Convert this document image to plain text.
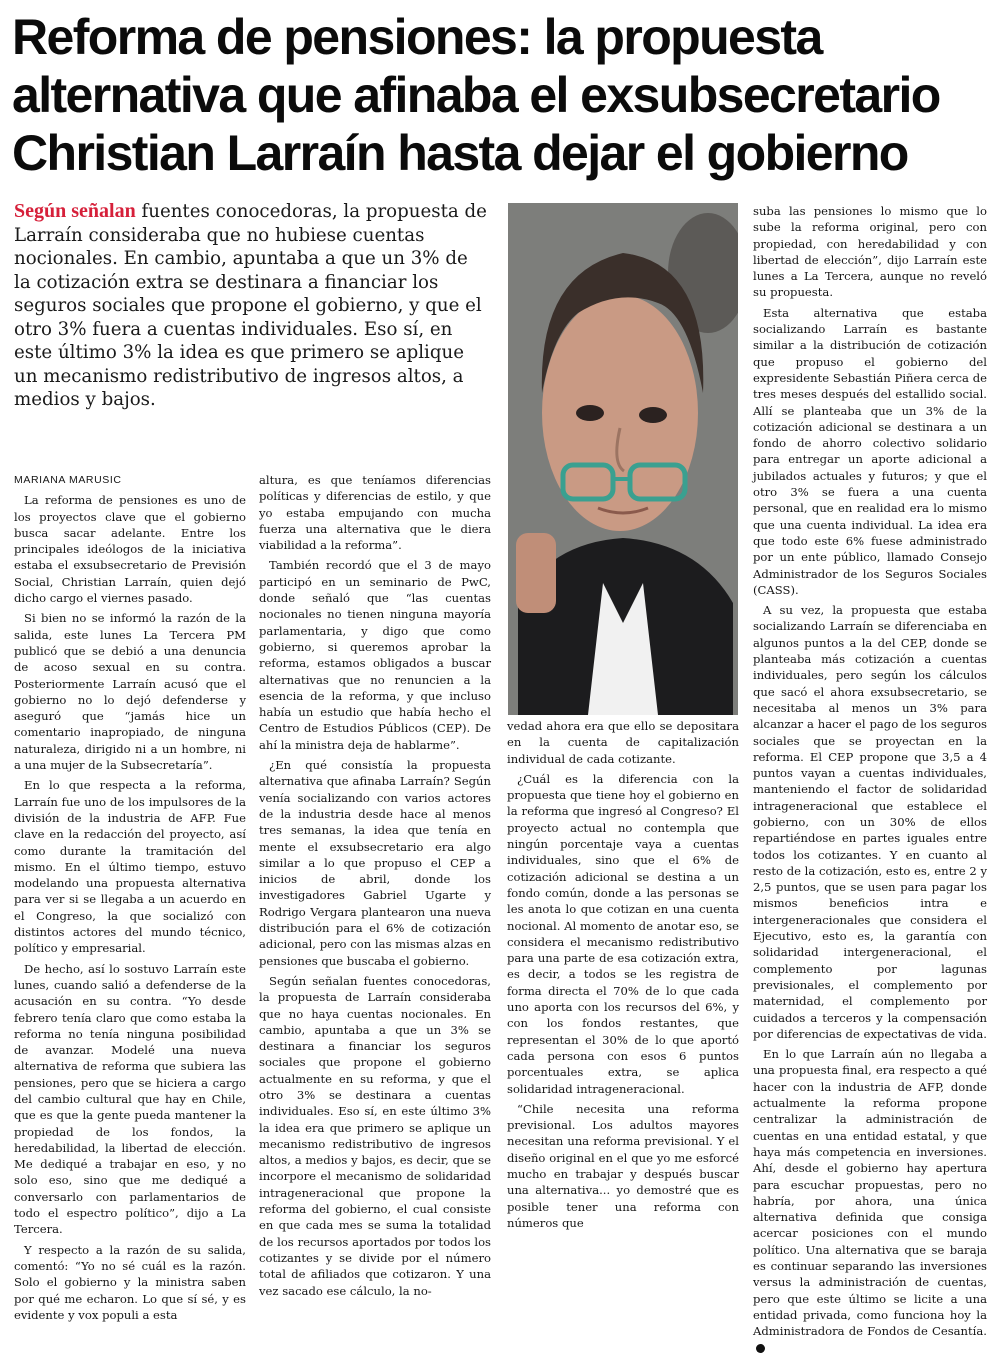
Reforma de pensiones: la propuesta alternativa que afinaba el exsubsecretario Christian Larraín hasta dejar el gobierno
Según señalan fuentes conocedoras, la propuesta de Larraín consideraba que no hubiese cuentas nocionales. En cambio, apuntaba a que un 3% de la cotización extra se destinara a financiar los seguros sociales que propone el gobierno, y que el otro 3% fuera a cuentas individuales. Eso sí, en este último 3% la idea es que primero se aplique un mecanismo redistributivo de ingresos altos, a medios y bajos.

MARIANA MARUSIC

La reforma de pensiones es uno de los proyectos clave que el gobierno busca sacar adelante. Entre los principales ideólogos de la iniciativa estaba el exsubsecretario de Previsión Social, Christian Larraín, quien dejó dicho cargo el viernes pasado.

Si bien no se informó la razón de la salida, este lunes La Tercera PM publicó que se debió a una denuncia de acoso sexual en su contra. Posteriormente Larraín acusó que el gobierno no lo dejó defenderse y aseguró que “jamás hice un comentario inapropiado, de ninguna naturaleza, dirigido ni a un hombre, ni a una mujer de la Subsecretaría”.

En lo que respecta a la reforma, Larraín fue uno de los impulsores de la división de la industria de AFP. Fue clave en la redacción del proyecto, así como durante la tramitación del mismo. En el último tiempo, estuvo modelando una propuesta alternativa para ver si se llegaba a un acuerdo en el Congreso, la que socializó con distintos actores del mundo técnico, político y empresarial.

De hecho, así lo sostuvo Larraín este lunes, cuando salió a defenderse de la acusación en su contra. “Yo desde febrero tenía claro que como estaba la reforma no tenía ninguna posibilidad de avanzar. Modelé una nueva alternativa de reforma que subiera las pensiones, pero que se hiciera a cargo del cambio cultural que hay en Chile, que es que la gente pueda mantener la propiedad de los fondos, la heredabilidad, la libertad de elección. Me dediqué a trabajar en eso, y no solo eso, sino que me dediqué a conversarlo con parlamentarios de todo el espectro político”, dijo a La Tercera.

Y respecto a la razón de su salida, comentó: “Yo no sé cuál es la razón. Solo el gobierno y la ministra saben por qué me echaron. Lo que sí sé, y es evidente y vox populi a esta

altura, es que teníamos diferencias políticas y diferencias de estilo, y que yo estaba empujando con mucha fuerza una alternativa que le diera viabilidad a la reforma”.

También recordó que el 3 de mayo participó en un seminario de PwC, donde señaló que “las cuentas nocionales no tienen ninguna mayoría parlamentaria, y digo que como gobierno, si queremos aprobar la reforma, estamos obligados a buscar alternativas que no renuncien a la esencia de la reforma, y que incluso había un estudio que había hecho el Centro de Estudios Públicos (CEP). De ahí la ministra deja de hablarme”.

¿En qué consistía la propuesta alternativa que afinaba Larraín? Según venía socializando con varios actores de la industria desde hace al menos tres semanas, la idea que tenía en mente el exsubsecretario era algo similar a lo que propuso el CEP a inicios de abril, donde los investigadores Gabriel Ugarte y Rodrigo Vergara plantearon una nueva distribución para el 6% de cotización adicional, pero con las mismas alzas en pensiones que buscaba el gobierno.

Según señalan fuentes conocedoras, la propuesta de Larraín consideraba que no haya cuentas nocionales. En cambio, apuntaba a que un 3% se destinara a financiar los seguros sociales que propone el gobierno actualmente en su reforma, y que el otro 3% se destinara a cuentas individuales. Eso sí, en este último 3% la idea era que primero se aplique un mecanismo redistributivo de ingresos altos, a medios y bajos, es decir, que se incorpore el mecanismo de solidaridad intrageneracional que propone la reforma del gobierno, el cual consiste en que cada mes se suma la totalidad de los recursos aportados por todos los cotizantes y se divide por el número total de afiliados que cotizaron. Y una vez sacado ese cálculo, la no-

vedad ahora era que ello se depositara en la cuenta de capitalización individual de cada cotizante.

¿Cuál es la diferencia con la propuesta que tiene hoy el gobierno en la reforma que ingresó al Congreso? El proyecto actual no contempla que ningún porcentaje vaya a cuentas individuales, sino que el 6% de cotización adicional se destina a un fondo común, donde a las personas se les anota lo que cotizan en una cuenta nocional. Al momento de anotar eso, se considera el mecanismo redistributivo para una parte de esa cotización extra, es decir, a todos se les registra de forma directa el 70% de lo que cada uno aporta con los recursos del 6%, y con los fondos restantes, que representan el 30% de lo que aportó cada persona con esos 6 puntos porcentuales extra, se aplica solidaridad intrageneracional.

“Chile necesita una reforma previsional. Los adultos mayores necesitan una reforma previsional. Y el diseño original en el que yo me esforcé mucho en trabajar y después buscar una alternativa... yo demostré que es posible tener una reforma con números que

suba las pensiones lo mismo que lo sube la reforma original, pero con propiedad, con heredabilidad y con libertad de elección”, dijo Larraín este lunes a La Tercera, aunque no reveló su propuesta.

Esta alternativa que estaba socializando Larraín es bastante similar a la distribución de cotización que propuso el gobierno del expresidente Sebastián Piñera cerca de tres meses después del estallido social. Allí se planteaba que un 3% de la cotización adicional se destinara a un fondo de ahorro colectivo solidario para entregar un aporte adicional a jubilados actuales y futuros; y que el otro 3% se fuera a una cuenta personal, que en realidad era lo mismo que una cuenta individual. La idea era que todo este 6% fuese administrado por un ente público, llamado Consejo Administrador de los Seguros Sociales (CASS).

A su vez, la propuesta que estaba socializando Larraín se diferenciaba en algunos puntos a la del CEP, donde se planteaba más cotización a cuentas individuales, pero según los cálculos que sacó el ahora exsubsecretario, se necesitaba al menos un 3% para alcanzar a hacer el pago de los seguros sociales que se proyectan en la reforma. El CEP propone que 3,5 a 4 puntos vayan a cuentas individuales, manteniendo el factor de solidaridad intrageneracional que establece el gobierno, con un 30% de ellos repartiéndose en partes iguales entre todos los cotizantes. Y en cuanto al resto de la cotización, esto es, entre 2 y 2,5 puntos, que se usen para pagar los mismos beneficios intra e intergeneracionales que considera el Ejecutivo, esto es, la garantía con solidaridad intergeneracional, el complemento por lagunas previsionales, el complemento por maternidad, el complemento por cuidados a terceros y la compensación por diferencias de expectativas de vida.

En lo que Larraín aún no llegaba a una propuesta final, era respecto a qué hacer con la industria de AFP, donde actualmente la reforma propone centralizar la administración de cuentas en una entidad estatal, y que haya más competencia en inversiones. Ahí, desde el gobierno hay apertura para escuchar propuestas, pero no habría, por ahora, una única alternativa definida que consiga acercar posiciones con el mundo político. Una alternativa que se baraja es continuar separando las inversiones versus la administración de cuentas, pero que este último se licite a una entidad privada, como funciona hoy la Administradora de Fondos de Cesantía.
